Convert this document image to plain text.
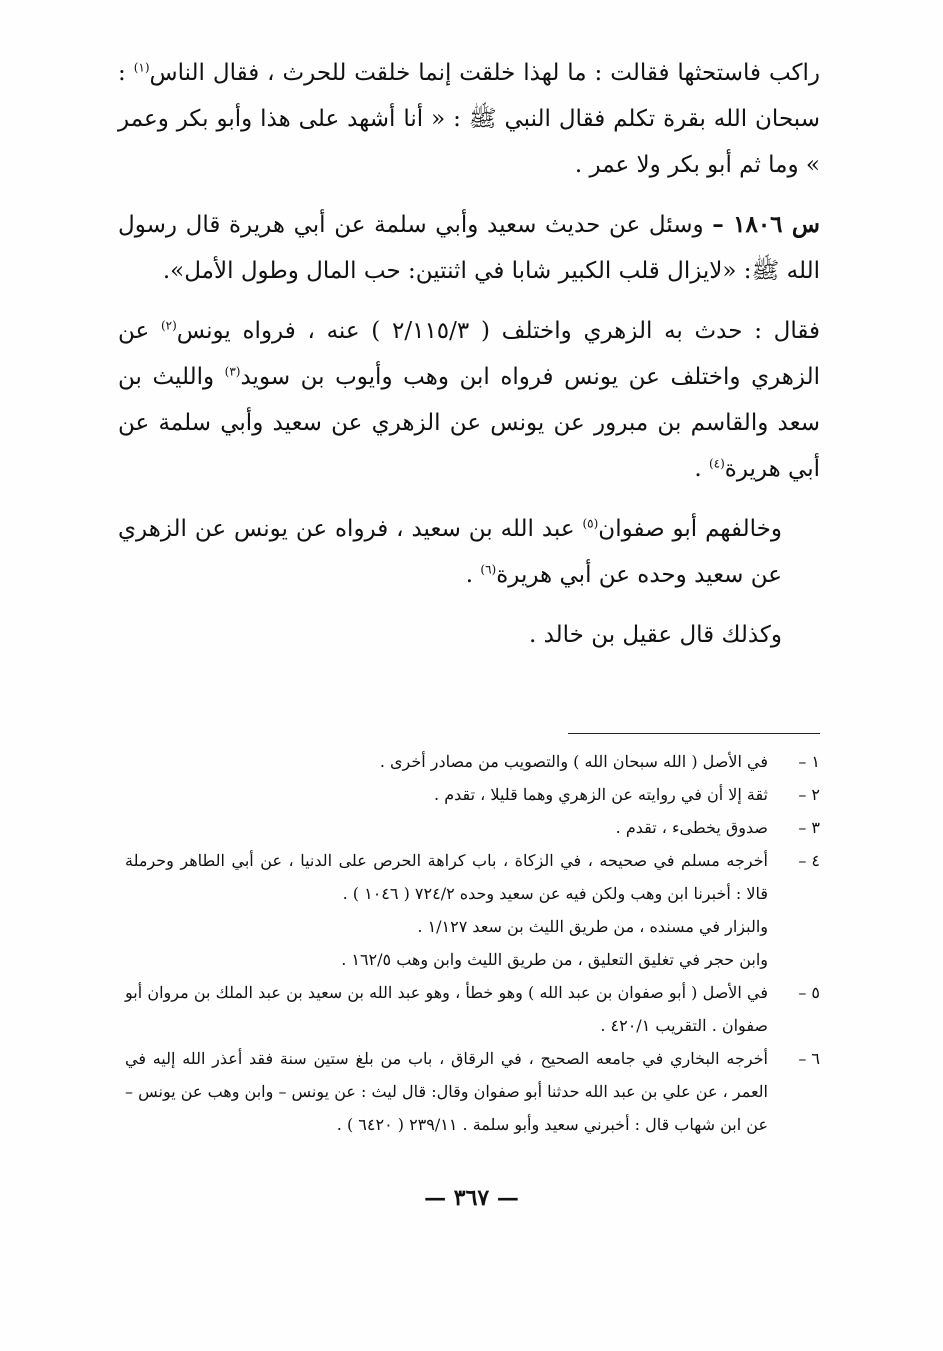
راكب فاستحثها فقالت : ما لهذا خلقت إنما خلقت للحرث ، فقال الناس$^{(١)}$ : سبحان الله بقرة تكلم فقال النبي ﷺ : « أنا أشهد على هذا وأبو بكر وعمر » وما ثم أبو بكر ولا عمر .

س ١٨٠٦ – وسئل عن حديث سعيد وأبي سلمة عن أبي هريرة قال رسول الله ﷺ: «لايزال قلب الكبير شابا في اثنتين: حب المال وطول الأمل».

فقال : حدث به الزهري واختلف ( ٢/١١٥/٣ ) عنه ، فرواه يونس$^{(٢)}$ عن الزهري واختلف عن يونس فرواه ابن وهب وأيوب بن سويد$^{(٣)}$ والليث بن سعد والقاسم بن مبرور عن يونس عن الزهري عن سعيد وأبي سلمة عن أبي هريرة$^{(٤)}$ .

وخالفهم أبو صفوان$^{(٥)}$ عبد الله بن سعيد ، فرواه عن يونس عن الزهري عن سعيد وحده عن أبي هريرة$^{(٦)}$ .

وكذلك قال عقيل بن خالد .

١ –
في الأصل ( الله سبحان الله ) والتصويب من مصادر أخرى .
٢ –
ثقة إلا أن في روايته عن الزهري وهما قليلا ، تقدم .
٣ –
صدوق يخطىء ، تقدم .
٤ –
أخرجه مسلم في صحيحه ، في الزكاة ، باب كراهة الحرص على الدنيا ، عن أبي الطاهر وحرملة قالا : أخبرنا ابن وهب ولكن فيه عن سعيد وحده ٧٢٤/٢ ( ١٠٤٦ ) .
والبزار في مسنده ، من طريق الليث بن سعد ١/١٢٧ .
وابن حجر في تغليق التعليق ، من طريق الليث وابن وهب ١٦٢/٥ .
٥ –
في الأصل ( أبو صفوان بن عبد الله ) وهو خطأ ، وهو عبد الله بن سعيد بن عبد الملك بن مروان أبو صفوان . التقريب ٤٢٠/١ .
٦ –
أخرجه البخاري في جامعه الصحيح ، في الرقاق ، باب من بلغ ستين سنة فقد أعذر الله إليه في العمر ، عن علي بن عبد الله حدثنا أبو صفوان وقال: قال ليث : عن يونس – وابن وهب عن يونس – عن ابن شهاب قال : أخبرني سعيد وأبو سلمة . ٢٣٩/١١ ( ٦٤٢٠ ) .
— ٣٦٧ —
